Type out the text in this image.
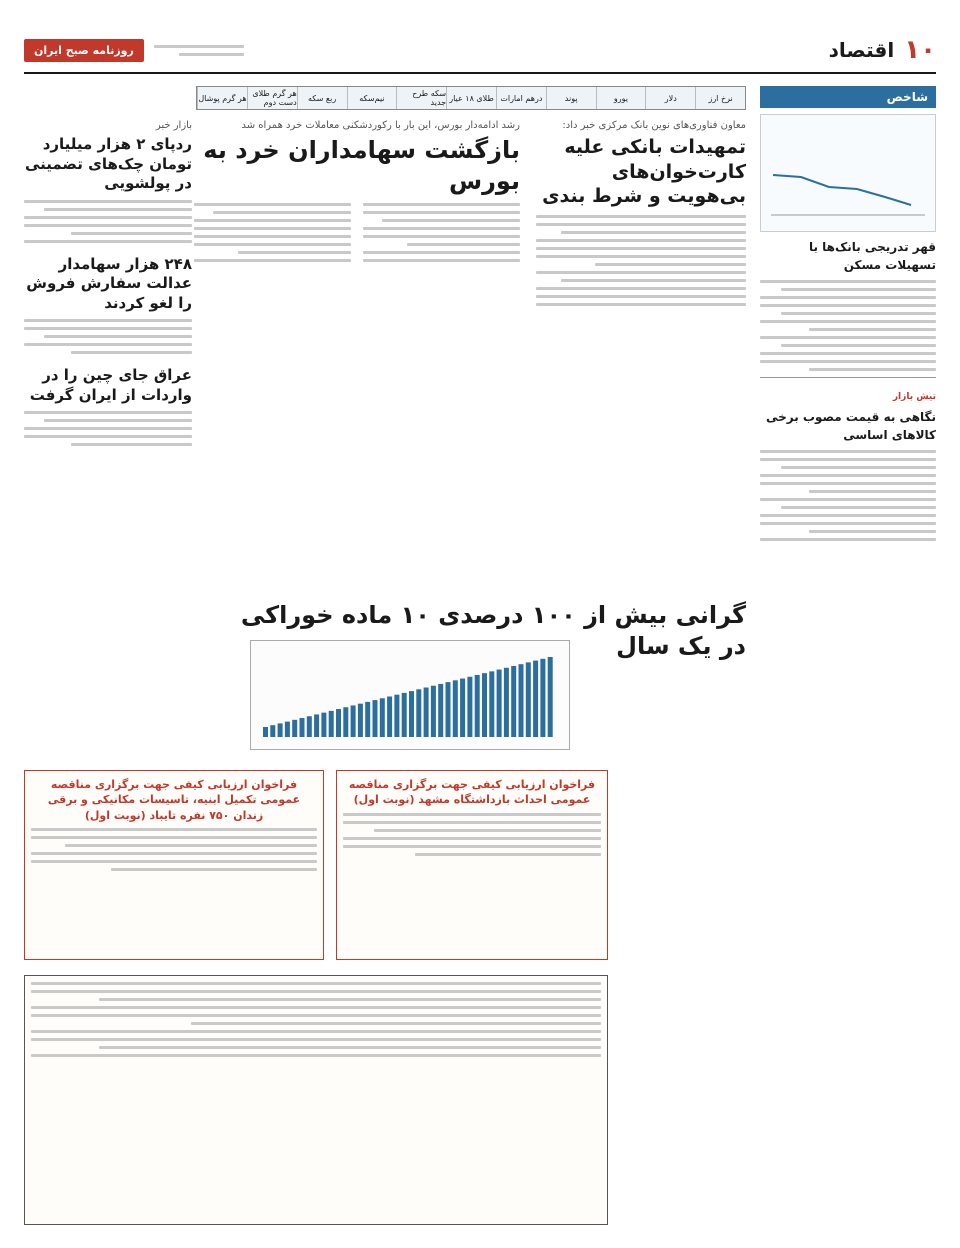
۱۰
اقتصاد
روزنامه صبح ایران
شاخص
قهر تدریجی بانک‌ها با تسهیلات مسکن
تیش بازار
نگاهی به قیمت مصوب برخی کالاهای اساسی
نرخ ارز
دلار
یورو
پوند
درهم امارات
طلای ۱۸ عیار
سکه طرح جدید
نیم‌سکه
ربع سکه
هر گرم طلای دست دوم
هر گرم پوشال
معاون فناوری‌های نوین بانک مرکزی خبر داد:
تمهیدات بانکی علیه کارت‌خوان‌های بی‌هویت و شرط بندی
رشد ادامه‌دار بورس، این بار با رکوردشکنی معاملات خرد همراه شد
بازگشت سهامداران خرد به بورس
بازار خبر
ردپای ۲ هزار میلیارد تومان چک‌های تضمینی در پولشویی
۲۴۸ هزار سهامدار عدالت سفارش فروش را لغو کردند
عراق جای چین را در واردات از ایران گرفت
گرانی بیش از ۱۰۰ درصدی ۱۰ ماده خوراکی در یک سال
فراخوان ارزیابی کیفی جهت برگزاری مناقصه عمومی تکمیل ابنیه، تاسیسات مکانیکی و برقی زندان ۷۵۰ نفره تایباد (نوبت اول)
فراخوان ارزیابی کیفی جهت برگزاری مناقصه عمومی احداث بازداشتگاه مشهد (نوبت اول)
